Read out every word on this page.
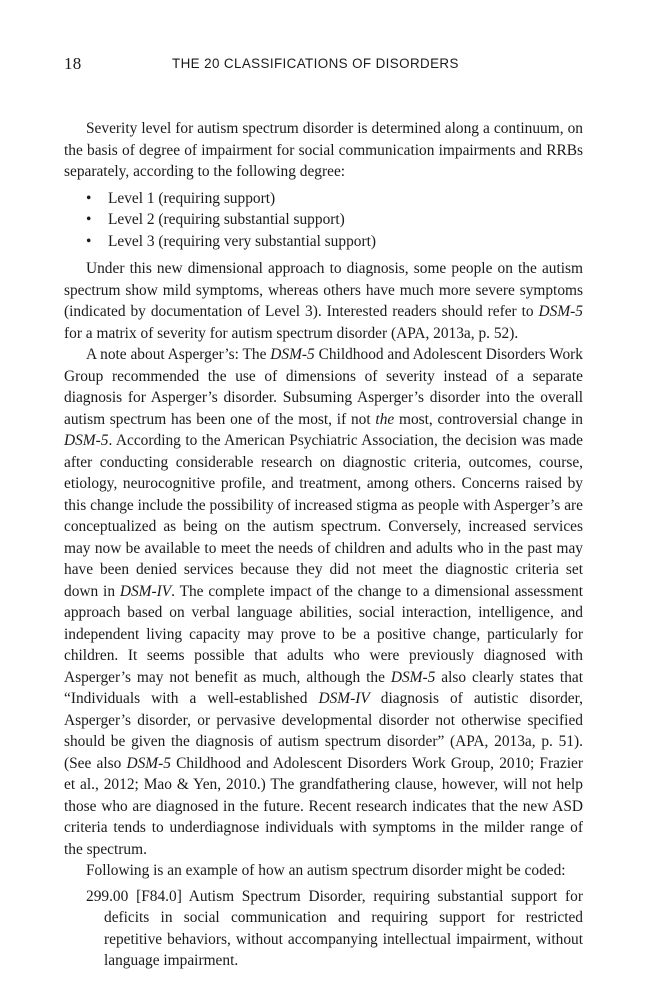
18	THE 20 CLASSIFICATIONS OF DISORDERS

Severity level for autism spectrum disorder is determined along a continuum, on the basis of degree of impairment for social communication impairments and RRBs separately, according to the following degree:

• Level 1 (requiring support)
• Level 2 (requiring substantial support)
• Level 3 (requiring very substantial support)

Under this new dimensional approach to diagnosis, some people on the autism spectrum show mild symptoms, whereas others have much more severe symptoms (indicated by documentation of Level 3). Interested readers should refer to DSM-5 for a matrix of severity for autism spectrum disorder (APA, 2013a, p. 52).

A note about Asperger’s: The DSM-5 Childhood and Adolescent Disorders Work Group recommended the use of dimensions of severity instead of a separate diagnosis for Asperger’s disorder. Subsuming Asperger’s disorder into the overall autism spectrum has been one of the most, if not the most, controversial change in DSM-5. According to the American Psychiatric Association, the decision was made after conducting considerable research on diagnostic criteria, outcomes, course, etiology, neurocognitive profile, and treatment, among others. Concerns raised by this change include the possibility of increased stigma as people with Asperger’s are conceptualized as being on the autism spectrum. Conversely, increased services may now be available to meet the needs of children and adults who in the past may have been denied services because they did not meet the diagnostic criteria set down in DSM-IV. The complete impact of the change to a dimensional assessment approach based on verbal language abilities, social interaction, intelligence, and independent living capacity may prove to be a positive change, particularly for children. It seems possible that adults who were previously diagnosed with Asperger’s may not benefit as much, although the DSM-5 also clearly states that “Individuals with a well-established DSM-IV diagnosis of autistic disorder, Asperger’s disorder, or pervasive developmental disorder not otherwise specified should be given the diagnosis of autism spectrum disorder” (APA, 2013a, p. 51). (See also DSM-5 Childhood and Adolescent Disorders Work Group, 2010; Frazier et al., 2012; Mao & Yen, 2010.) The grandfathering clause, however, will not help those who are diagnosed in the future. Recent research indicates that the new ASD criteria tends to underdiagnose individuals with symptoms in the milder range of the spectrum.

Following is an example of how an autism spectrum disorder might be coded:

299.00 [F84.0] Autism Spectrum Disorder, requiring substantial support for deficits in social communication and requiring support for restricted repetitive behaviors, without accompanying intellectual impairment, without language impairment.
